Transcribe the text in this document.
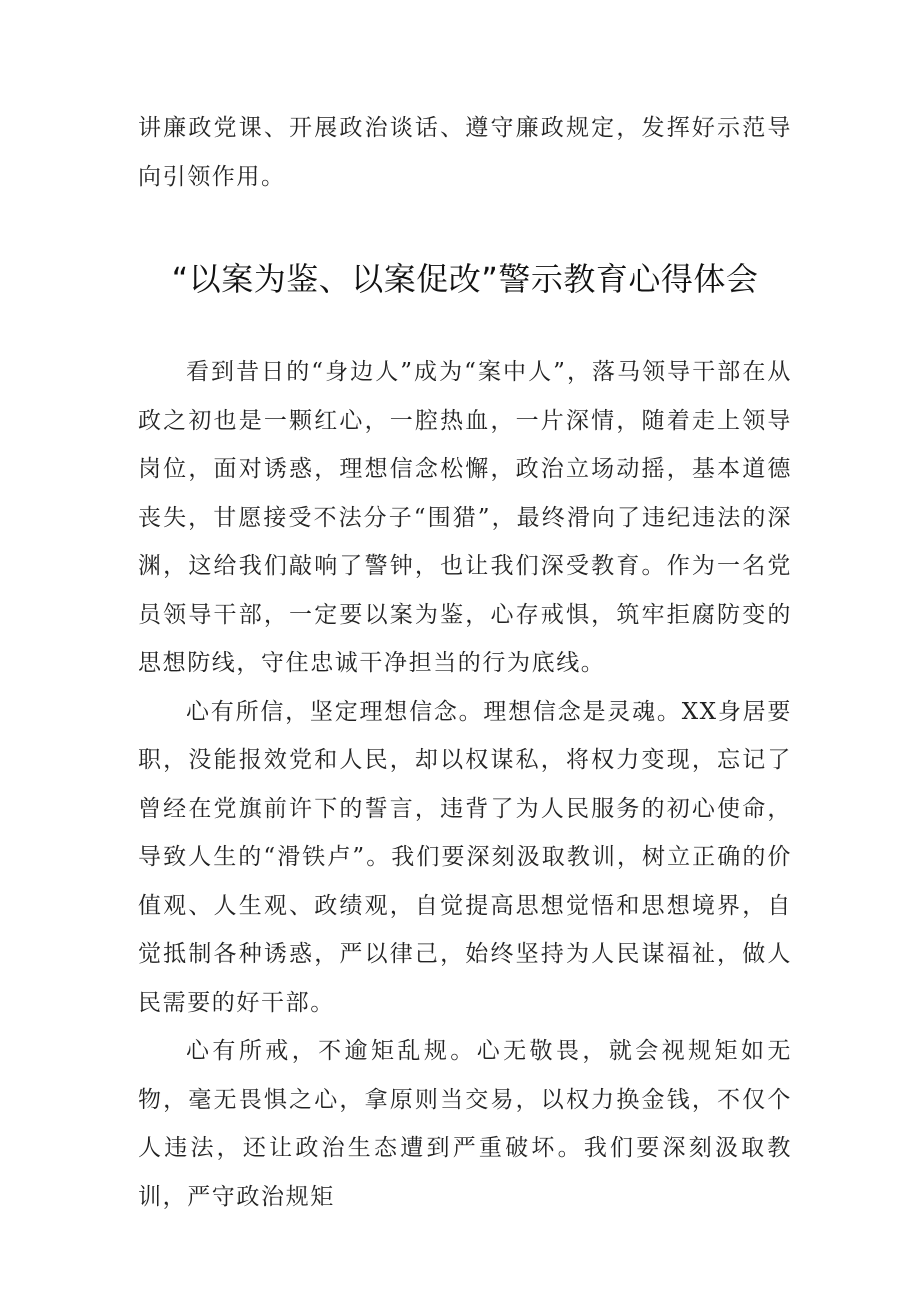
讲廉政党课、开展政治谈话、遵守廉政规定，发挥好示范导向引领作用。

“以案为鉴、以案促改”警示教育心得体会

看到昔日的“身边人”成为“案中人”，落马领导干部在从政之初也是一颗红心，一腔热血，一片深情，随着走上领导岗位，面对诱惑，理想信念松懈，政治立场动摇，基本道德丧失，甘愿接受不法分子“围猎”，最终滑向了违纪违法的深渊，这给我们敲响了警钟，也让我们深受教育。作为一名党员领导干部，一定要以案为鉴，心存戒惧，筑牢拒腐防变的思想防线，守住忠诚干净担当的行为底线。

心有所信，坚定理想信念。理想信念是灵魂。XX身居要职，没能报效党和人民，却以权谋私，将权力变现，忘记了曾经在党旗前许下的誓言，违背了为人民服务的初心使命，导致人生的“滑铁卢”。我们要深刻汲取教训，树立正确的价值观、人生观、政绩观，自觉提高思想觉悟和思想境界，自觉抵制各种诱惑，严以律己，始终坚持为人民谋福祉，做人民需要的好干部。

心有所戒，不逾矩乱规。心无敬畏，就会视规矩如无物，毫无畏惧之心，拿原则当交易，以权力换金钱，不仅个人违法，还让政治生态遭到严重破坏。我们要深刻汲取教训，严守政治规矩
